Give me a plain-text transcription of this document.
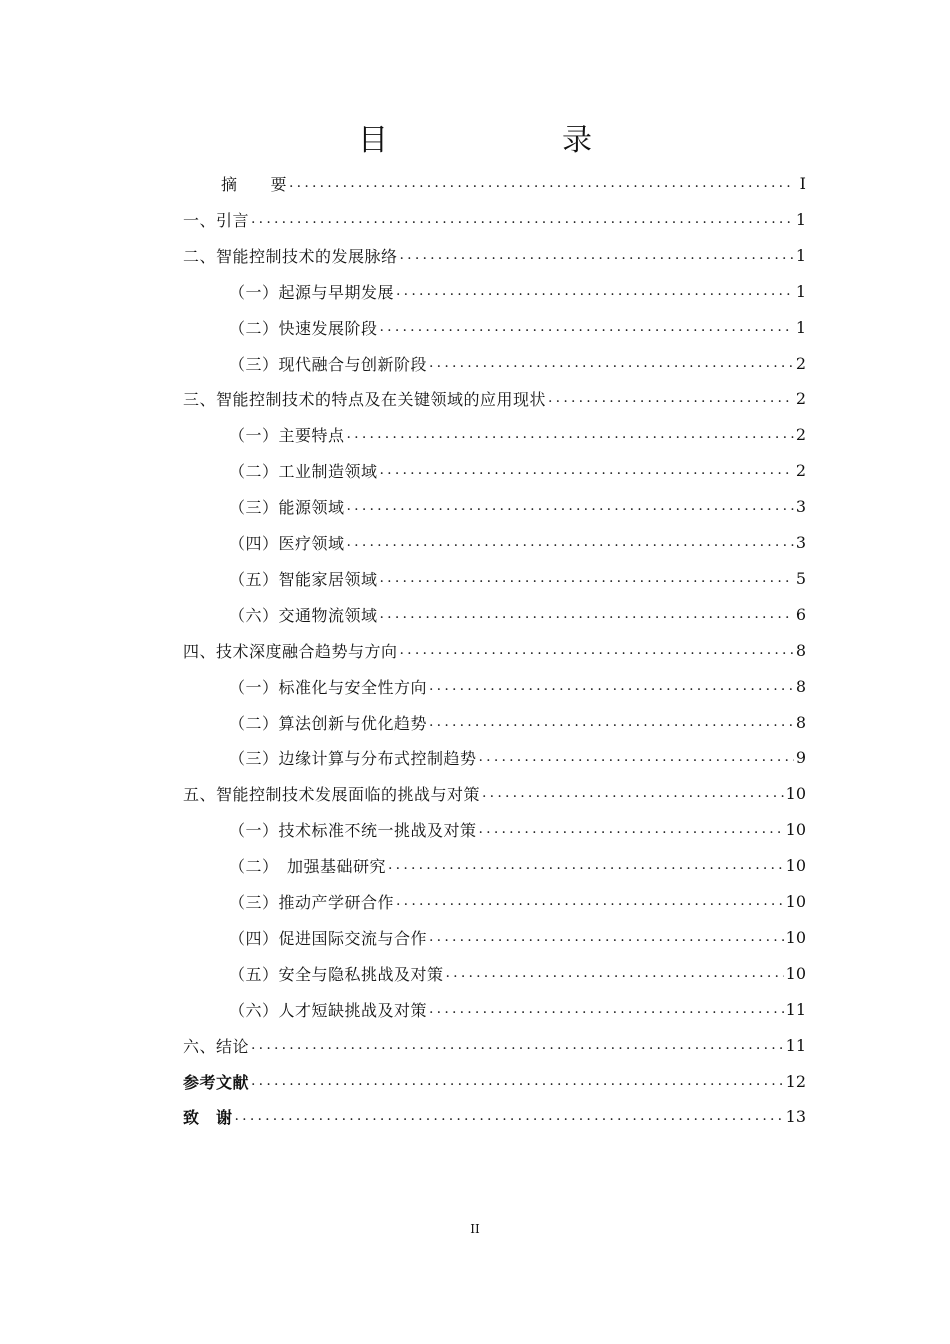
目　　录
摘　　要 .....	I
一、引言 .....	1
二、智能控制技术的发展脉络 .....	1
（一）起源与早期发展 .....	1
（二）快速发展阶段 .....	1
（三）现代融合与创新阶段 .....	2
三、智能控制技术的特点及在关键领域的应用现状 .....	2
（一）主要特点 .....	2
（二）工业制造领域 .....	2
（三）能源领域 .....	3
（四）医疗领域 .....	3
（五）智能家居领域 .....	5
（六）交通物流领域 .....	6
四、技术深度融合趋势与方向 .....	8
（一）标准化与安全性方向 .....	8
（二）算法创新与优化趋势 .....	8
（三）边缘计算与分布式控制趋势 .....	9
五、智能控制技术发展面临的挑战与对策 .....	10
（一）技术标准不统一挑战及对策 .....	10
（二）　加强基础研究 .....	10
（三）推动产学研合作 .....	10
（四）促进国际交流与合作 .....	10
（五）安全与隐私挑战及对策 .....	10
（六）人才短缺挑战及对策 .....	11
六、结论 .....	11
参考文献 .....	12
致　谢 .....	13
II
